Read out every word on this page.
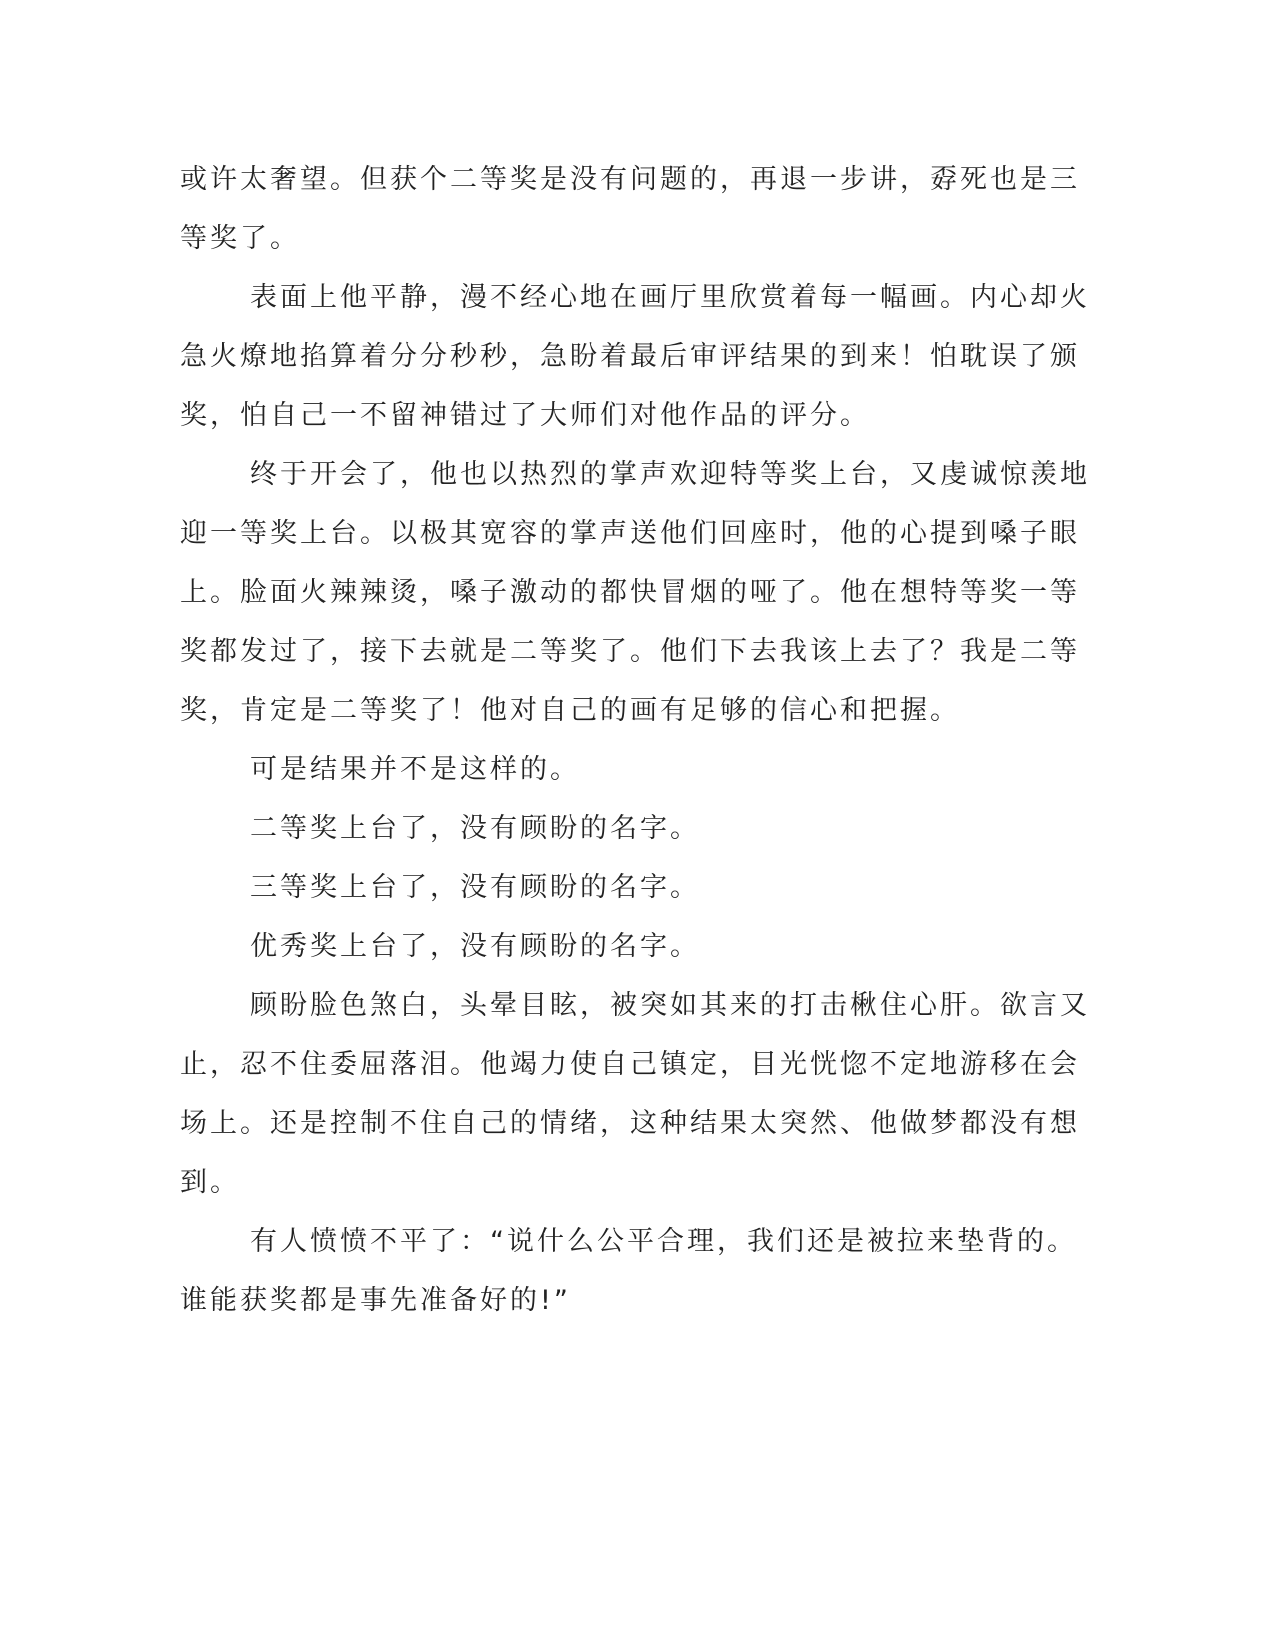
或许太奢望。但获个二等奖是没有问题的，再退一步讲，孬死也是三
等奖了。
表面上他平静，漫不经心地在画厅里欣赏着每一幅画。内心却火
急火燎地掐算着分分秒秒，急盼着最后审评结果的到来！怕耽误了颁
奖，怕自己一不留神错过了大师们对他作品的评分。
终于开会了，他也以热烈的掌声欢迎特等奖上台，又虔诚惊羡地
迎一等奖上台。以极其宽容的掌声送他们回座时，他的心提到嗓子眼
上。脸面火辣辣烫，嗓子激动的都快冒烟的哑了。他在想特等奖一等
奖都发过了，接下去就是二等奖了。他们下去我该上去了？我是二等
奖，肯定是二等奖了！他对自己的画有足够的信心和把握。
可是结果并不是这样的。
二等奖上台了，没有顾盼的名字。
三等奖上台了，没有顾盼的名字。
优秀奖上台了，没有顾盼的名字。
顾盼脸色煞白，头晕目眩，被突如其来的打击楸住心肝。欲言又
止，忍不住委屈落泪。他竭力使自己镇定，目光恍惚不定地游移在会
场上。还是控制不住自己的情绪，这种结果太突然、他做梦都没有想
到。
有人愤愤不平了：“说什么公平合理，我们还是被拉来垫背的。
谁能获奖都是事先准备好的!”
